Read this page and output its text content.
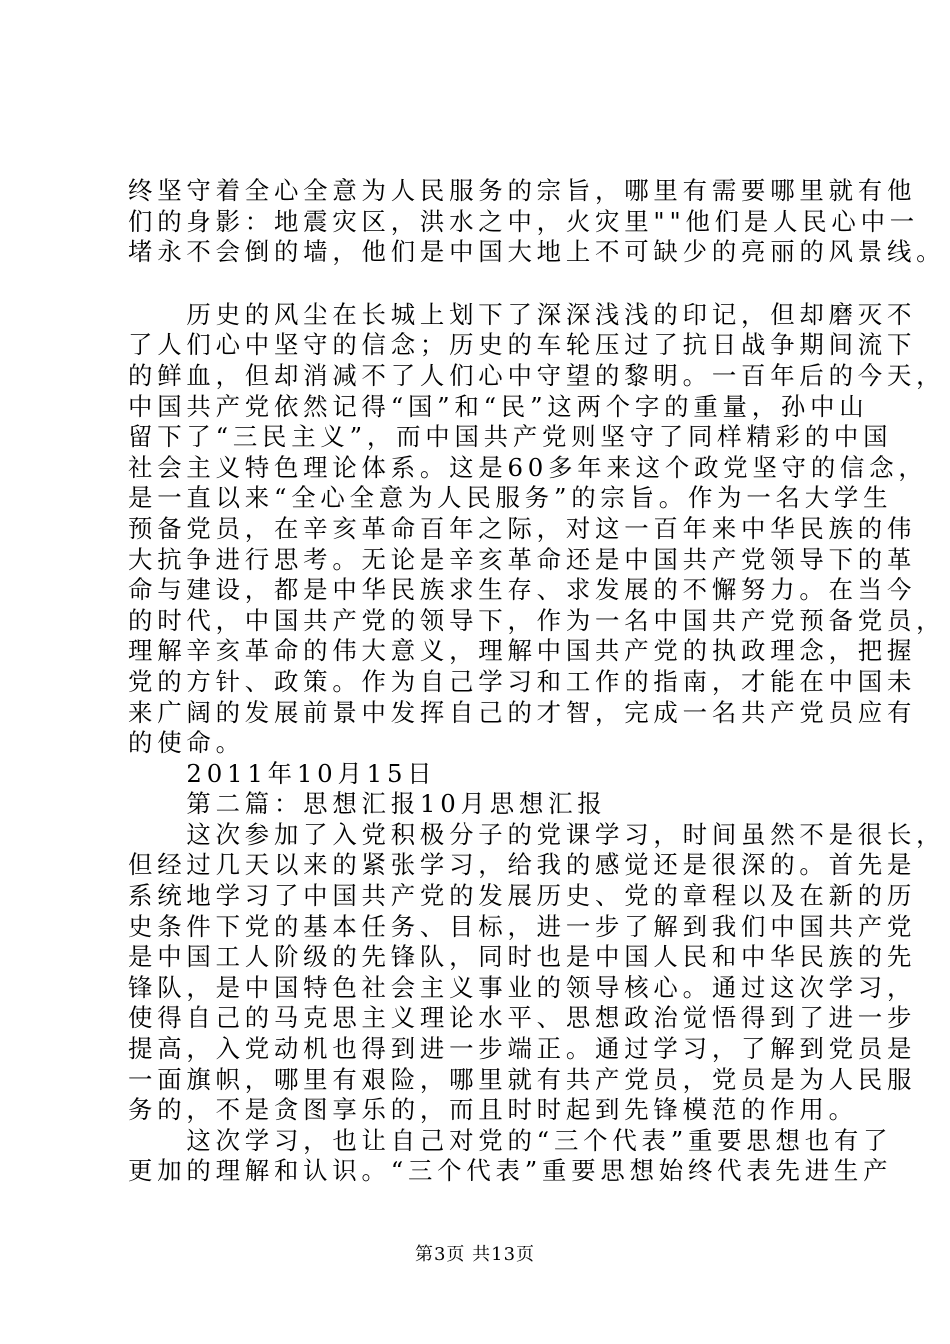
终坚守着全心全意为人民服务的宗旨，哪里有需要哪里就有他
们的身影：地震灾区，洪水之中，火灾里""他们是人民心中一
堵永不会倒的墙，他们是中国大地上不可缺少的亮丽的风景线。
　　历史的风尘在长城上划下了深深浅浅的印记，但却磨灭不
了人们心中坚守的信念；历史的车轮压过了抗日战争期间流下
的鲜血，但却消减不了人们心中守望的黎明。一百年后的今天，
中国共产党依然记得“国”和“民”这两个字的重量，孙中山
留下了“三民主义”，而中国共产党则坚守了同样精彩的中国
社会主义特色理论体系。这是60多年来这个政党坚守的信念，
是一直以来“全心全意为人民服务”的宗旨。作为一名大学生
预备党员，在辛亥革命百年之际，对这一百年来中华民族的伟
大抗争进行思考。无论是辛亥革命还是中国共产党领导下的革
命与建设，都是中华民族求生存、求发展的不懈努力。在当今
的时代，中国共产党的领导下，作为一名中国共产党预备党员，
理解辛亥革命的伟大意义，理解中国共产党的执政理念，把握
党的方针、政策。作为自己学习和工作的指南，才能在中国未
来广阔的发展前景中发挥自己的才智，完成一名共产党员应有
的使命。
　　2011年10月15日
　　第二篇：思想汇报10月思想汇报
　　这次参加了入党积极分子的党课学习，时间虽然不是很长，
但经过几天以来的紧张学习，给我的感觉还是很深的。首先是
系统地学习了中国共产党的发展历史、党的章程以及在新的历
史条件下党的基本任务、目标，进一步了解到我们中国共产党
是中国工人阶级的先锋队，同时也是中国人民和中华民族的先
锋队，是中国特色社会主义事业的领导核心。通过这次学习，
使得自己的马克思主义理论水平、思想政治觉悟得到了进一步
提高，入党动机也得到进一步端正。通过学习，了解到党员是
一面旗帜，哪里有艰险，哪里就有共产党员，党员是为人民服
务的，不是贪图享乐的，而且时时起到先锋模范的作用。
　　这次学习，也让自己对党的“三个代表”重要思想也有了
更加的理解和认识。“三个代表”重要思想始终代表先进生产
第3页 共13页
